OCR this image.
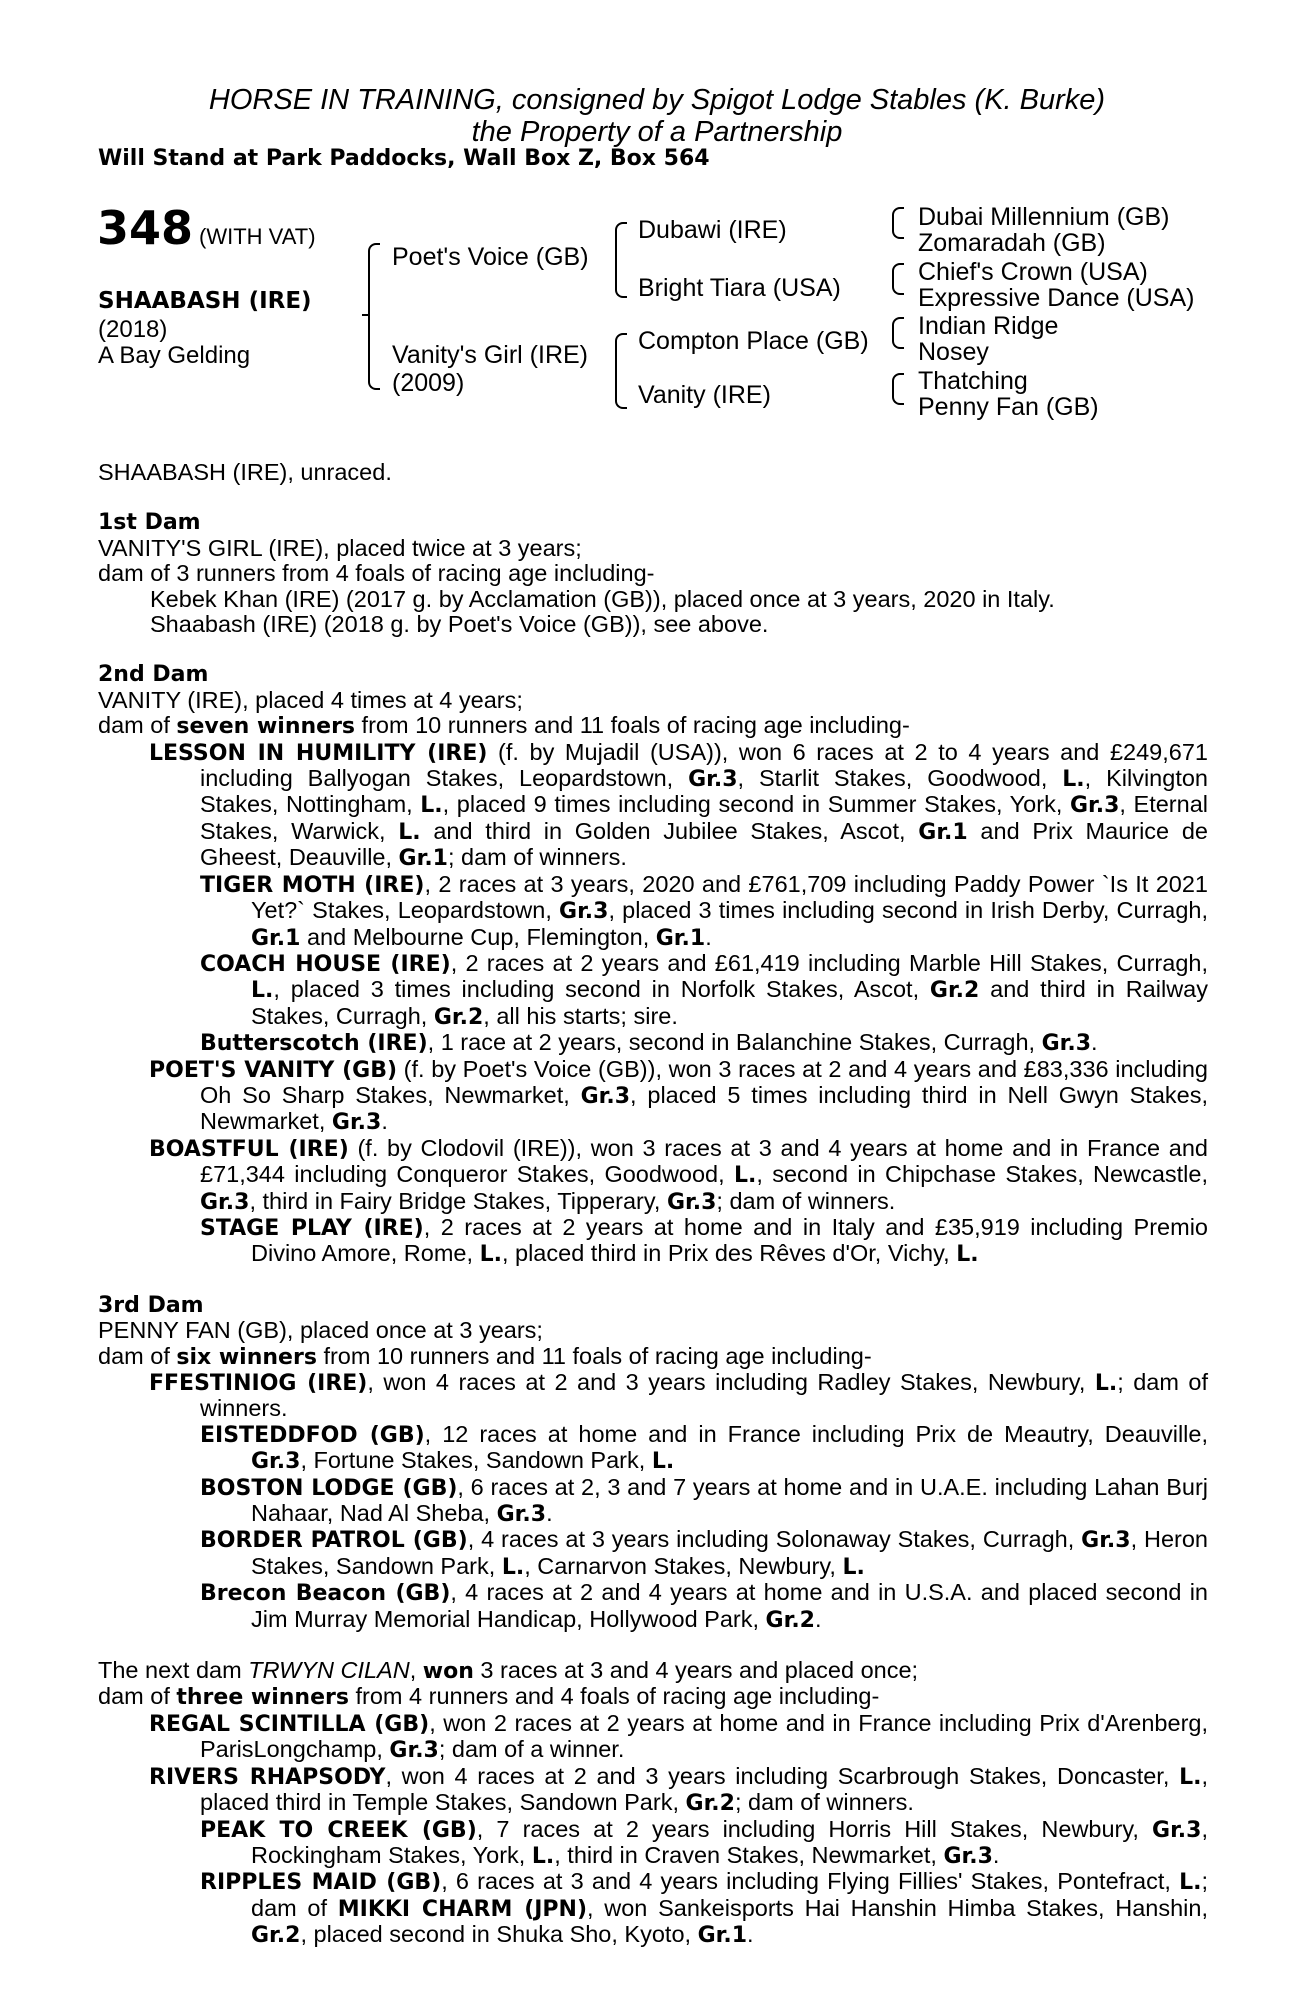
HORSE IN TRAINING, consigned by Spigot Lodge Stables (K. Burke)
the Property of a Partnership
Will Stand at Park Paddocks, Wall Box Z, Box 564
348 (WITH VAT)
SHAABASH (IRE)
(2018)
A Bay Gelding
Poet's Voice (GB)
Vanity's Girl (IRE)
(2009)
Dubawi (IRE)
Bright Tiara (USA)
Compton Place (GB)
Vanity (IRE)
Dubai Millennium (GB)
Zomaradah (GB)
Chief's Crown (USA)
Expressive Dance (USA)
Indian Ridge
Nosey
Thatching
Penny Fan (GB)

SHAABASH (IRE), unraced.

1st Dam

VANITY'S GIRL (IRE), placed twice at 3 years;

dam of 3 runners from 4 foals of racing age including-

Kebek Khan (IRE) (2017 g. by Acclamation (GB)), placed once at 3 years, 2020 in Italy.

Shaabash (IRE) (2018 g. by Poet's Voice (GB)), see above.

2nd Dam

VANITY (IRE), placed 4 times at 4 years;

dam of seven winners from 10 runners and 11 foals of racing age including-

LESSON IN HUMILITY (IRE) (f. by Mujadil (USA)), won 6 races at 2 to 4 years and £249,671 including Ballyogan Stakes, Leopardstown, Gr.3, Starlit Stakes, Goodwood, L., Kilvington Stakes, Nottingham, L., placed 9 times including second in Summer Stakes, York, Gr.3, Eternal Stakes, Warwick, L. and third in Golden Jubilee Stakes, Ascot, Gr.1 and Prix Maurice de Gheest, Deauville, Gr.1; dam of winners.

TIGER MOTH (IRE), 2 races at 3 years, 2020 and £761,709 including Paddy Power `Is It 2021 Yet?` Stakes, Leopardstown, Gr.3, placed 3 times including second in Irish Derby, Curragh, Gr.1 and Melbourne Cup, Flemington, Gr.1.

COACH HOUSE (IRE), 2 races at 2 years and £61,419 including Marble Hill Stakes, Curragh, L., placed 3 times including second in Norfolk Stakes, Ascot, Gr.2 and third in Railway Stakes, Curragh, Gr.2, all his starts; sire.

Butterscotch (IRE), 1 race at 2 years, second in Balanchine Stakes, Curragh, Gr.3.

POET'S VANITY (GB) (f. by Poet's Voice (GB)), won 3 races at 2 and 4 years and £83,336 including Oh So Sharp Stakes, Newmarket, Gr.3, placed 5 times including third in Nell Gwyn Stakes, Newmarket, Gr.3.

BOASTFUL (IRE) (f. by Clodovil (IRE)), won 3 races at 3 and 4 years at home and in France and £71,344 including Conqueror Stakes, Goodwood, L., second in Chipchase Stakes, Newcastle, Gr.3, third in Fairy Bridge Stakes, Tipperary, Gr.3; dam of winners.

STAGE PLAY (IRE), 2 races at 2 years at home and in Italy and £35,919 including Premio Divino Amore, Rome, L., placed third in Prix des Rêves d'Or, Vichy, L.

3rd Dam

PENNY FAN (GB), placed once at 3 years;

dam of six winners from 10 runners and 11 foals of racing age including-

FFESTINIOG (IRE), won 4 races at 2 and 3 years including Radley Stakes, Newbury, L.; dam of winners.

EISTEDDFOD (GB), 12 races at home and in France including Prix de Meautry, Deauville, Gr.3, Fortune Stakes, Sandown Park, L.

BOSTON LODGE (GB), 6 races at 2, 3 and 7 years at home and in U.A.E. including Lahan Burj Nahaar, Nad Al Sheba, Gr.3.

BORDER PATROL (GB), 4 races at 3 years including Solonaway Stakes, Curragh, Gr.3, Heron Stakes, Sandown Park, L., Carnarvon Stakes, Newbury, L.

Brecon Beacon (GB), 4 races at 2 and 4 years at home and in U.S.A. and placed second in Jim Murray Memorial Handicap, Hollywood Park, Gr.2.

The next dam TRWYN CILAN, won 3 races at 3 and 4 years and placed once;

dam of three winners from 4 runners and 4 foals of racing age including-

REGAL SCINTILLA (GB), won 2 races at 2 years at home and in France including Prix d'Arenberg, ParisLongchamp, Gr.3; dam of a winner.

RIVERS RHAPSODY, won 4 races at 2 and 3 years including Scarbrough Stakes, Doncaster, L., placed third in Temple Stakes, Sandown Park, Gr.2; dam of winners.

PEAK TO CREEK (GB), 7 races at 2 years including Horris Hill Stakes, Newbury, Gr.3, Rockingham Stakes, York, L., third in Craven Stakes, Newmarket, Gr.3.

RIPPLES MAID (GB), 6 races at 3 and 4 years including Flying Fillies' Stakes, Pontefract, L.; dam of MIKKI CHARM (JPN), won Sankeisports Hai Hanshin Himba Stakes, Hanshin, Gr.2, placed second in Shuka Sho, Kyoto, Gr.1.
